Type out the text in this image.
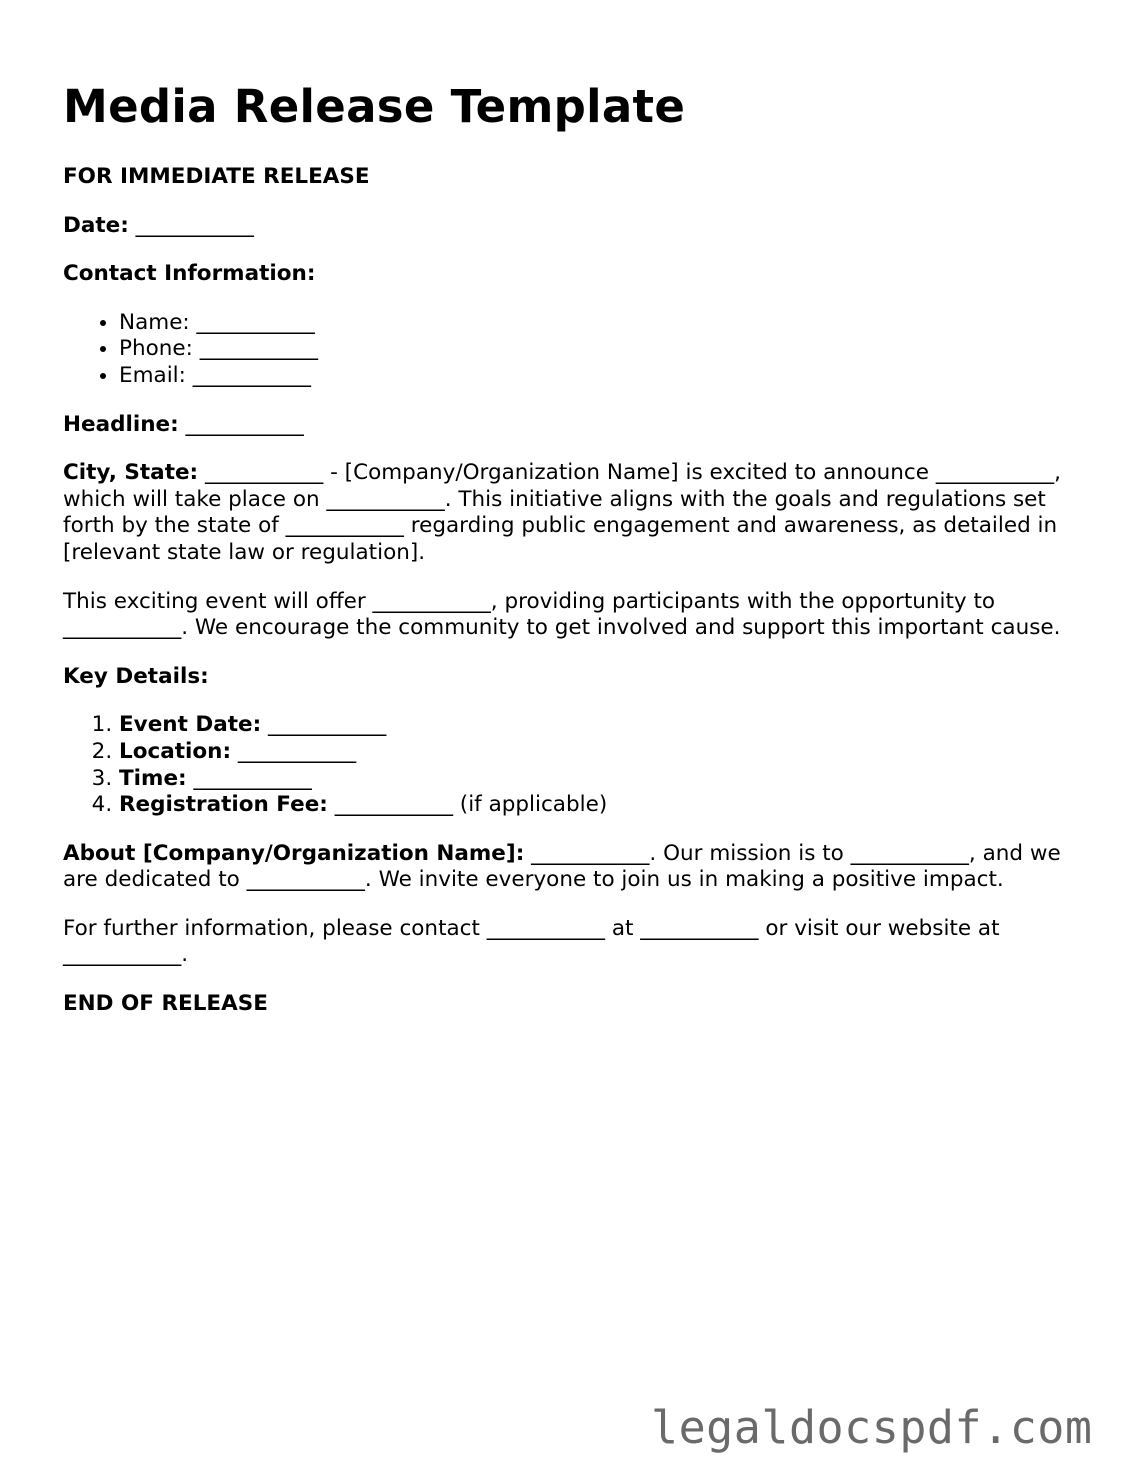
Media Release Template

FOR IMMEDIATE RELEASE

Date: ___________

Contact Information:

• Name: ___________
• Phone: ___________
• Email: ___________

Headline: ___________

City, State: ___________ - [Company/Organization Name] is excited to announce ___________, which will take place on ___________. This initiative aligns with the goals and regulations set forth by the state of ___________ regarding public engagement and awareness, as detailed in [relevant state law or regulation].

This exciting event will offer ___________, providing participants with the opportunity to ___________. We encourage the community to get involved and support this important cause.

Key Details:

1. Event Date: ___________
2. Location: ___________
3. Time: ___________
4. Registration Fee: ___________ (if applicable)

About [Company/Organization Name]: ___________. Our mission is to ___________, and we are dedicated to ___________. We invite everyone to join us in making a positive impact.

For further information, please contact ___________ at ___________ or visit our website at ___________.

END OF RELEASE

legaldocspdf.com
